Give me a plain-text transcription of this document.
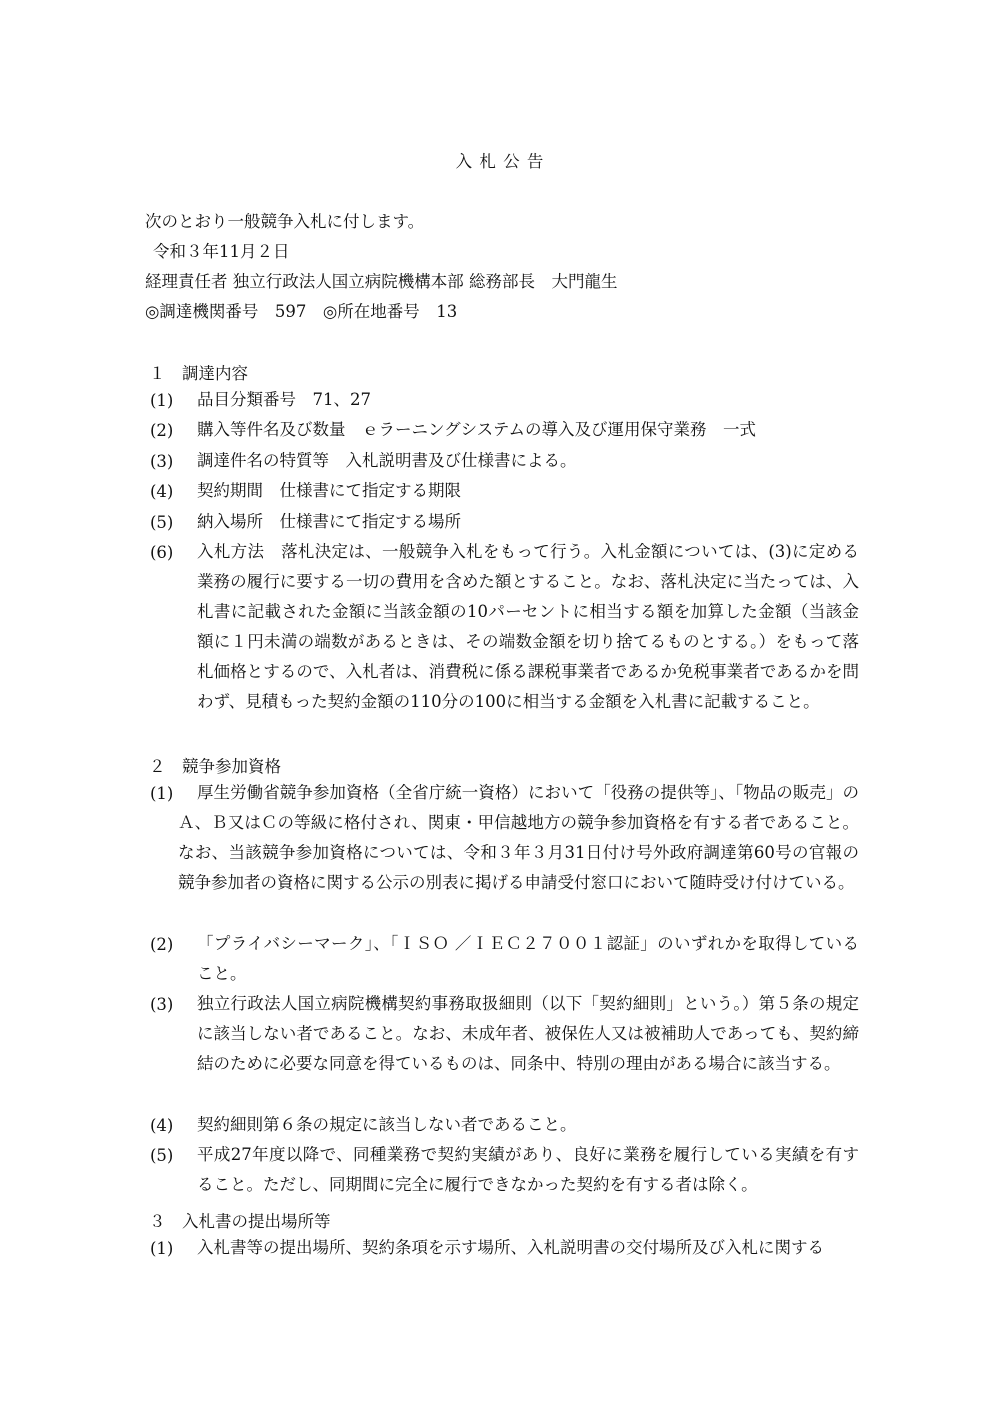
入 札 公 告
次のとおり一般競争入札に付します。
令和３年11月２日
経理責任者 独立行政法人国立病院機構本部 総務部長　大門龍生
◎調達機関番号　597　◎所在地番号　13
１　調達内容
(1) 品目分類番号　71、27
(2) 購入等件名及び数量　ｅラーニングシステムの導入及び運用保守業務　一式
(3) 調達件名の特質等　入札説明書及び仕様書による。
(4) 契約期間　仕様書にて指定する期限
(5) 納入場所　仕様書にて指定する場所
(6) 入札方法　落札決定は、一般競争入札をもって行う。入札金額については、(3)に定める業務の履行に要する一切の費用を含めた額とすること。なお、落札決定に当たっては、入札書に記載された金額に当該金額の10パーセントに相当する額を加算した金額（当該金額に１円未満の端数があるときは、その端数金額を切り捨てるものとする。）をもって落札価格とするので、入札者は、消費税に係る課税事業者であるか免税事業者であるかを問わず、見積もった契約金額の110分の100に相当する金額を入札書に記載すること。
２　競争参加資格
(1)	厚生労働省競争参加資格（全省庁統一資格）において「役務の提供等」、「物品の販売」のＡ、Ｂ又はＣの等級に格付され、関東・甲信越地方の競争参加資格を有する者であること。なお、当該競争参加資格については、令和３年３月31日付け号外政府調達第60号の官報の競争参加者の資格に関する公示の別表に掲げる申請受付窓口において随時受け付けている。
(2) 「プライバシーマーク」、「ＩＳＯ ／ＩＥＣ２７００１認証」のいずれかを取得していること。
(3) 独立行政法人国立病院機構契約事務取扱細則（以下「契約細則」という。）第５条の規定に該当しない者であること。なお、未成年者、被保佐人又は被補助人であっても、契約締結のために必要な同意を得ているものは、同条中、特別の理由がある場合に該当する。
(4) 契約細則第６条の規定に該当しない者であること。
(5) 平成27年度以降で、同種業務で契約実績があり、良好に業務を履行している実績を有すること。ただし、同期間に完全に履行できなかった契約を有する者は除く。
３　入札書の提出場所等
(1) 入札書等の提出場所、契約条項を示す場所、入札説明書の交付場所及び入札に関する
